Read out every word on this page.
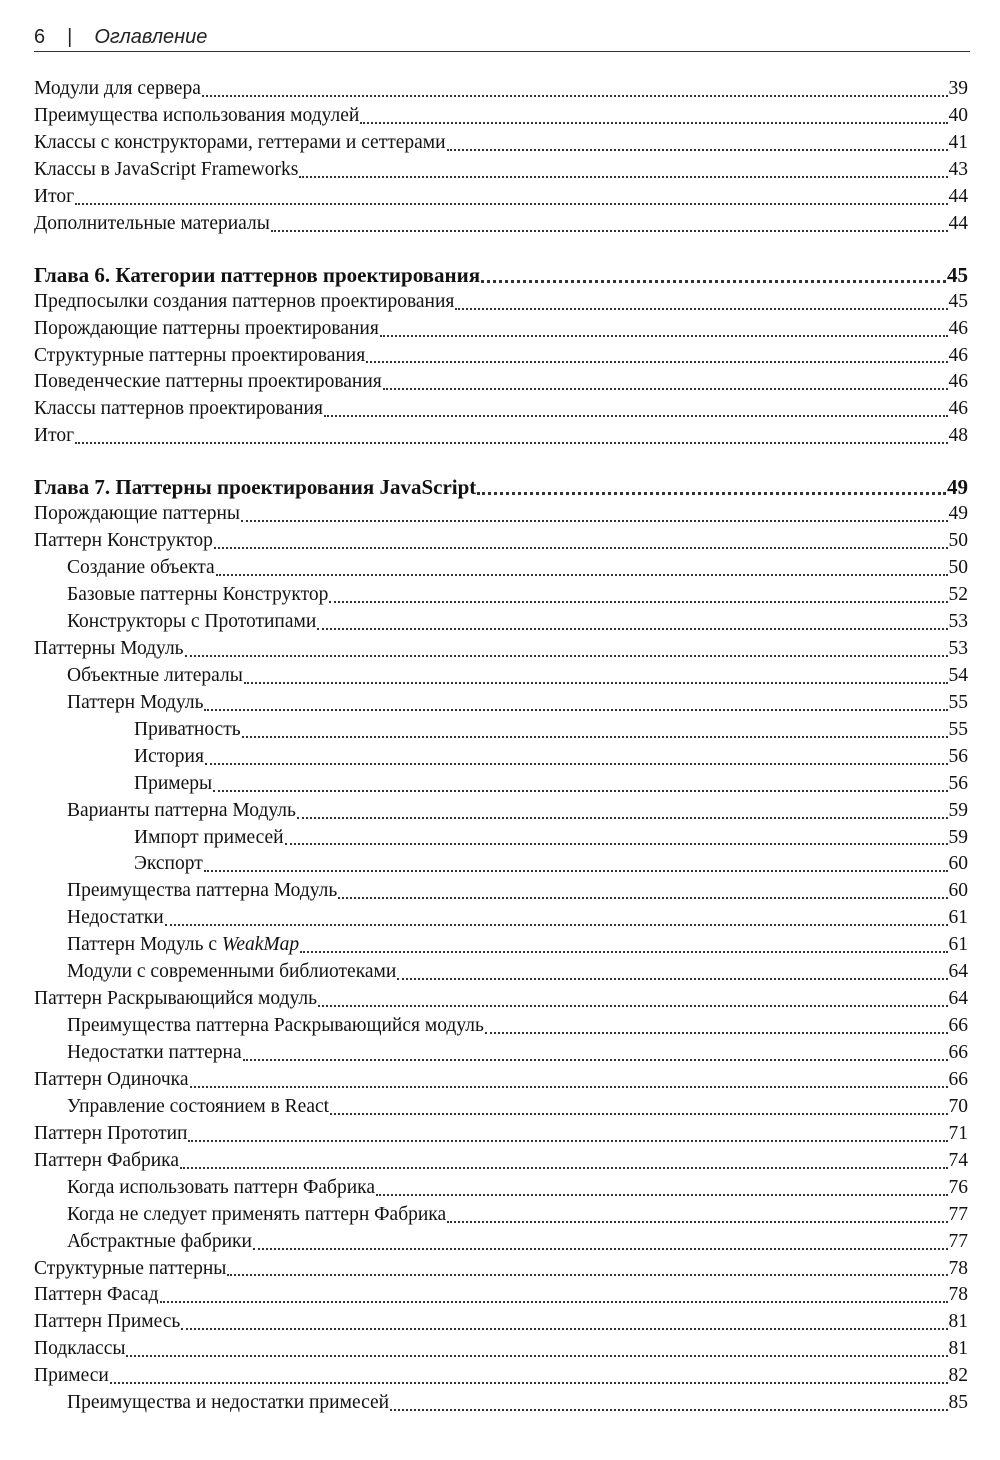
6 | Оглавление
Модули для сервера	39
Преимущества использования модулей	40
Классы с конструкторами, геттерами и сеттерами	41
Классы в JavaScript Frameworks	43
Итог	44
Дополнительные материалы	44
Глава 6. Категории паттернов проектирования	45
Предпосылки создания паттернов проектирования	45
Порождающие паттерны проектирования	46
Структурные паттерны проектирования	46
Поведенческие паттерны проектирования	46
Классы паттернов проектирования	46
Итог	48
Глава 7. Паттерны проектирования JavaScript	49
Порождающие паттерны	49
Паттерн Конструктор	50
Создание объекта	50
Базовые паттерны Конструктор	52
Конструкторы с Прототипами	53
Паттерны Модуль	53
Объектные литералы	54
Паттерн Модуль	55
Приватность	55
История	56
Примеры	56
Варианты паттерна Модуль	59
Импорт примесей	59
Экспорт	60
Преимущества паттерна Модуль	60
Недостатки	61
Паттерн Модуль с WeakMap	61
Модули с современными библиотеками	64
Паттерн Раскрывающийся модуль	64
Преимущества паттерна Раскрывающийся модуль	66
Недостатки паттерна	66
Паттерн Одиночка	66
Управление состоянием в React	70
Паттерн Прототип	71
Паттерн Фабрика	74
Когда использовать паттерн Фабрика	76
Когда не следует применять паттерн Фабрика	77
Абстрактные фабрики	77
Структурные паттерны	78
Паттерн Фасад	78
Паттерн Примесь	81
Подклассы	81
Примеси	82
Преимущества и недостатки примесей	85
